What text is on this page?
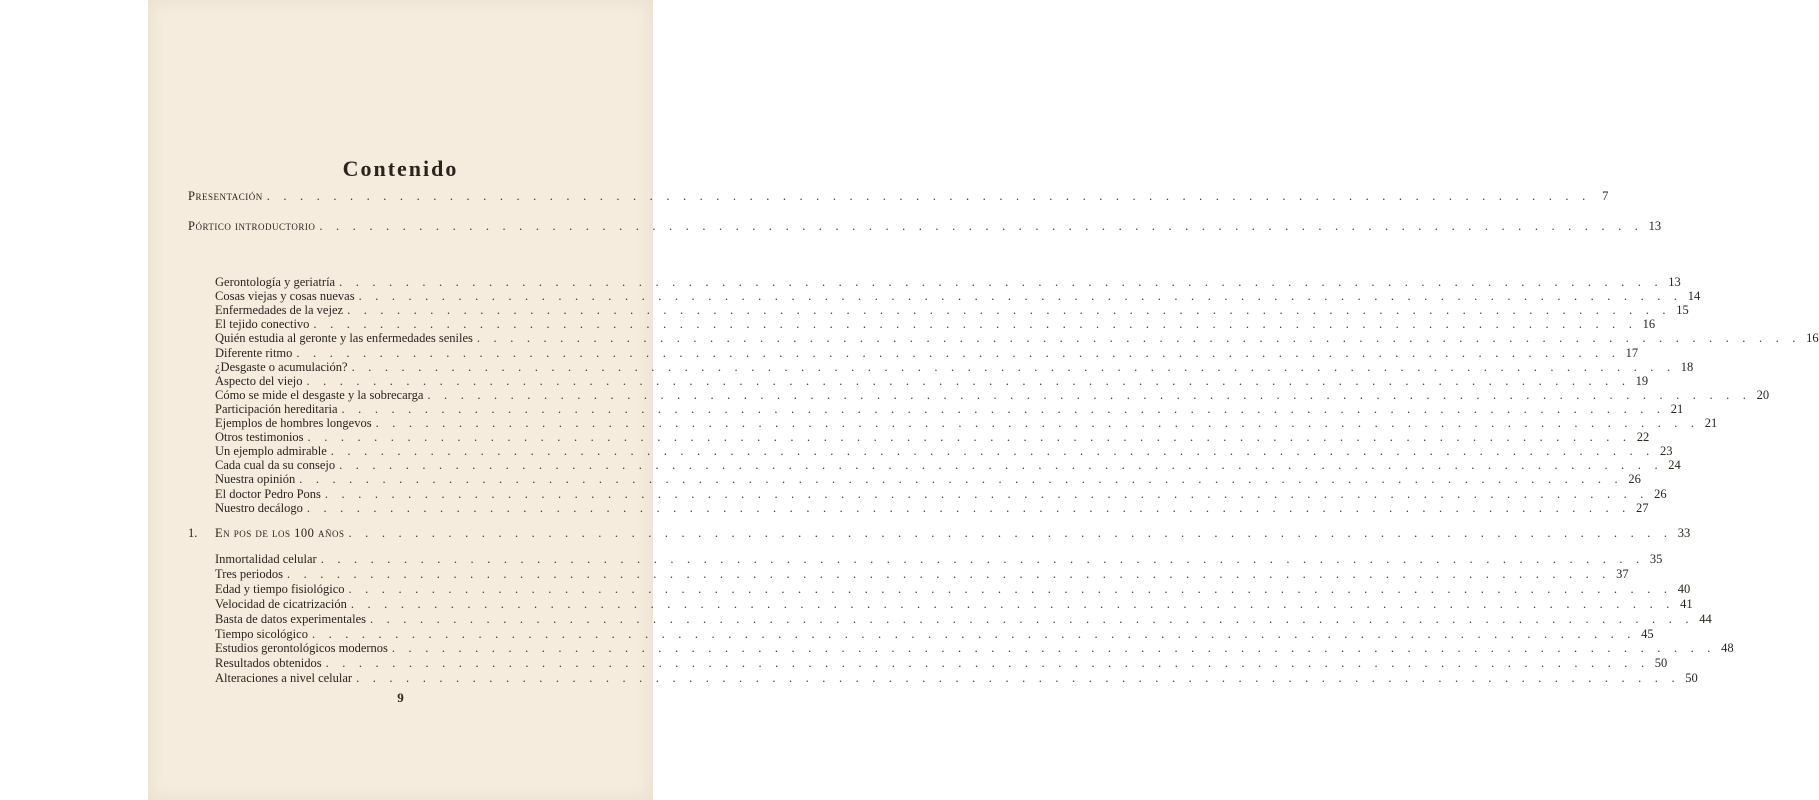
Contenido
Presentación . . . . . . . . . . . . . . . . . . . . . . . . . . . . . . . . . . . . . . . . . . . . . . . . . . . . . . . . . . . . . . . . . . . . . . . . . . . . . . . . 7
Pórtico introductorio . . . . . . . . . . . . . . . . . . . . . . . . . . . . . . . . . . . . . . . . . . . . . . . . . . . . . . . . . . . . . . . . . . . . . . . . . . . . . . . . 13
Gerontología y geriatría . . . . . . . . . . . . . . . . . . . . . . . . . . . . . . . . . . . . . . . . . . . . . . . . . . . . . . . . . . . . . . . . . . . . . . . . . . . . . . . . 13
Cosas viejas y cosas nuevas . . . . . . . . . . . . . . . . . . . . . . . . . . . . . . . . . . . . . . . . . . . . . . . . . . . . . . . . . . . . . . . . . . . . . . . . . . . . . . . . 14
Enfermedades de la vejez . . . . . . . . . . . . . . . . . . . . . . . . . . . . . . . . . . . . . . . . . . . . . . . . . . . . . . . . . . . . . . . . . . . . . . . . . . . . . . . . 15
El tejido conectivo . . . . . . . . . . . . . . . . . . . . . . . . . . . . . . . . . . . . . . . . . . . . . . . . . . . . . . . . . . . . . . . . . . . . . . . . . . . . . . . . 16
Quién estudia al geronte y las enfermedades seniles . . . . . . . . . . . . . . . . . . . . . . . . . . . . . . . . . . . . . . . . . . . . . . . . . . . . . . . . . . . . . . . . . . . . . . . . . . . . . . . . 16
Diferente ritmo . . . . . . . . . . . . . . . . . . . . . . . . . . . . . . . . . . . . . . . . . . . . . . . . . . . . . . . . . . . . . . . . . . . . . . . . . . . . . . . . 17
¿Desgaste o acumulación? . . . . . . . . . . . . . . . . . . . . . . . . . . . . . . . . . . . . . . . . . . . . . . . . . . . . . . . . . . . . . . . . . . . . . . . . . . . . . . . . 18
Aspecto del viejo . . . . . . . . . . . . . . . . . . . . . . . . . . . . . . . . . . . . . . . . . . . . . . . . . . . . . . . . . . . . . . . . . . . . . . . . . . . . . . . . 19
Cómo se mide el desgaste y la sobrecarga . . . . . . . . . . . . . . . . . . . . . . . . . . . . . . . . . . . . . . . . . . . . . . . . . . . . . . . . . . . . . . . . . . . . . . . . . . . . . . . . 20
Participación hereditaria . . . . . . . . . . . . . . . . . . . . . . . . . . . . . . . . . . . . . . . . . . . . . . . . . . . . . . . . . . . . . . . . . . . . . . . . . . . . . . . . 21
Ejemplos de hombres longevos . . . . . . . . . . . . . . . . . . . . . . . . . . . . . . . . . . . . . . . . . . . . . . . . . . . . . . . . . . . . . . . . . . . . . . . . . . . . . . . . 21
Otros testimonios . . . . . . . . . . . . . . . . . . . . . . . . . . . . . . . . . . . . . . . . . . . . . . . . . . . . . . . . . . . . . . . . . . . . . . . . . . . . . . . . 22
Un ejemplo admirable . . . . . . . . . . . . . . . . . . . . . . . . . . . . . . . . . . . . . . . . . . . . . . . . . . . . . . . . . . . . . . . . . . . . . . . . . . . . . . . . 23
Cada cual da su consejo . . . . . . . . . . . . . . . . . . . . . . . . . . . . . . . . . . . . . . . . . . . . . . . . . . . . . . . . . . . . . . . . . . . . . . . . . . . . . . . . 24
Nuestra opinión . . . . . . . . . . . . . . . . . . . . . . . . . . . . . . . . . . . . . . . . . . . . . . . . . . . . . . . . . . . . . . . . . . . . . . . . . . . . . . . . 26
El doctor Pedro Pons . . . . . . . . . . . . . . . . . . . . . . . . . . . . . . . . . . . . . . . . . . . . . . . . . . . . . . . . . . . . . . . . . . . . . . . . . . . . . . . . 26
Nuestro decálogo . . . . . . . . . . . . . . . . . . . . . . . . . . . . . . . . . . . . . . . . . . . . . . . . . . . . . . . . . . . . . . . . . . . . . . . . . . . . . . . . 27
1. En pos de los 100 años . . . . . . . . . . . . . . . . . . . . . . . . . . . . . . . . . . . . . . . . . . . . . . . . . . . . . . . . . . . . . . . . . . . . . . . . . . . . . . . . 33
Inmortalidad celular . . . . . . . . . . . . . . . . . . . . . . . . . . . . . . . . . . . . . . . . . . . . . . . . . . . . . . . . . . . . . . . . . . . . . . . . . . . . . . . . 35
Tres periodos . . . . . . . . . . . . . . . . . . . . . . . . . . . . . . . . . . . . . . . . . . . . . . . . . . . . . . . . . . . . . . . . . . . . . . . . . . . . . . . . 37
Edad y tiempo fisiológico . . . . . . . . . . . . . . . . . . . . . . . . . . . . . . . . . . . . . . . . . . . . . . . . . . . . . . . . . . . . . . . . . . . . . . . . . . . . . . . . 40
Velocidad de cicatrización . . . . . . . . . . . . . . . . . . . . . . . . . . . . . . . . . . . . . . . . . . . . . . . . . . . . . . . . . . . . . . . . . . . . . . . . . . . . . . . . 41
Basta de datos experimentales . . . . . . . . . . . . . . . . . . . . . . . . . . . . . . . . . . . . . . . . . . . . . . . . . . . . . . . . . . . . . . . . . . . . . . . . . . . . . . . . 44
Tiempo sicológico . . . . . . . . . . . . . . . . . . . . . . . . . . . . . . . . . . . . . . . . . . . . . . . . . . . . . . . . . . . . . . . . . . . . . . . . . . . . . . . . 45
Estudios gerontológicos modernos . . . . . . . . . . . . . . . . . . . . . . . . . . . . . . . . . . . . . . . . . . . . . . . . . . . . . . . . . . . . . . . . . . . . . . . . . . . . . . . . 48
Resultados obtenidos . . . . . . . . . . . . . . . . . . . . . . . . . . . . . . . . . . . . . . . . . . . . . . . . . . . . . . . . . . . . . . . . . . . . . . . . . . . . . . . . 50
Alteraciones a nivel celular . . . . . . . . . . . . . . . . . . . . . . . . . . . . . . . . . . . . . . . . . . . . . . . . . . . . . . . . . . . . . . . . . . . . . . . . . . . . . . . . 50
9
